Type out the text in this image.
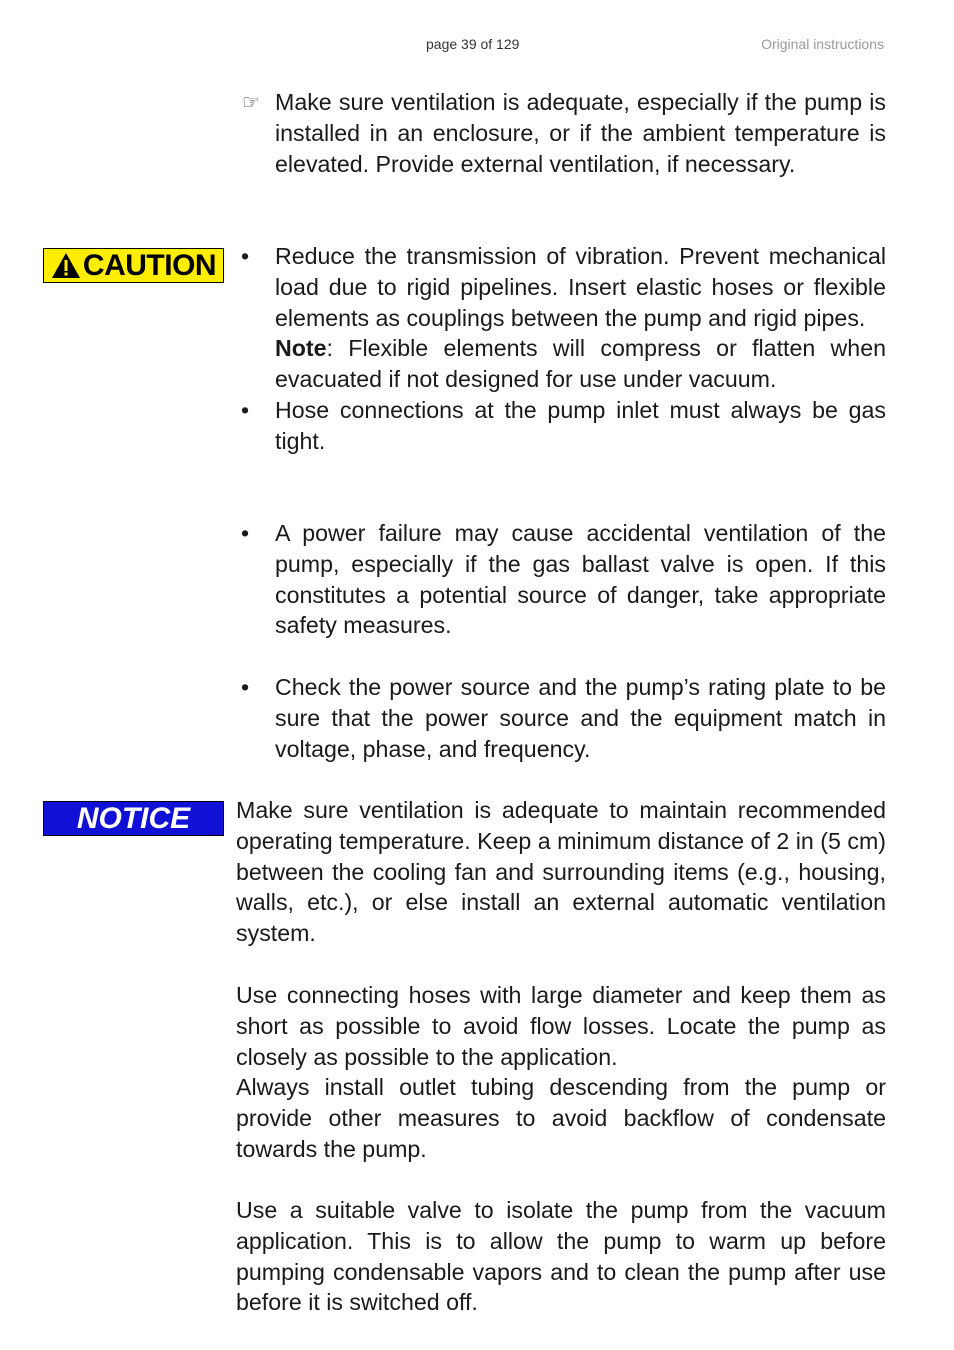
page 39 of 129	Original instructions

☞ Make sure ventilation is adequate, especially if the pump is installed in an enclosure, or if the ambient temperature is elevated. Provide external ventilation, if necessary.

CAUTION • Reduce the transmission of vibration. Prevent mechanical load due to rigid pipelines. Insert elastic hoses or flexible elements as couplings between the pump and rigid pipes.

Note: Flexible elements will compress or flatten when evacuated if not designed for use under vacuum.

• Hose connections at the pump inlet must always be gas tight.

• A power failure may cause accidental ventilation of the pump, especially if the gas ballast valve is open. If this constitutes a potential source of danger, take appropriate safety measures.

• Check the power source and the pump’s rating plate to be sure that the power source and the equipment match in voltage, phase, and frequency.

NOTICE Make sure ventilation is adequate to maintain recommended operating temperature. Keep a minimum distance of 2 in (5 cm) between the cooling fan and surrounding items (e.g., housing, walls, etc.), or else install an external automatic ventilation system.

Use connecting hoses with large diameter and keep them as short as possible to avoid flow losses. Locate the pump as closely as possible to the application.

Always install outlet tubing descending from the pump or provide other measures to avoid backflow of condensate towards the pump.

Use a suitable valve to isolate the pump from the vacuum application. This is to allow the pump to warm up before pumping condensable vapors and to clean the pump after use before it is switched off.
